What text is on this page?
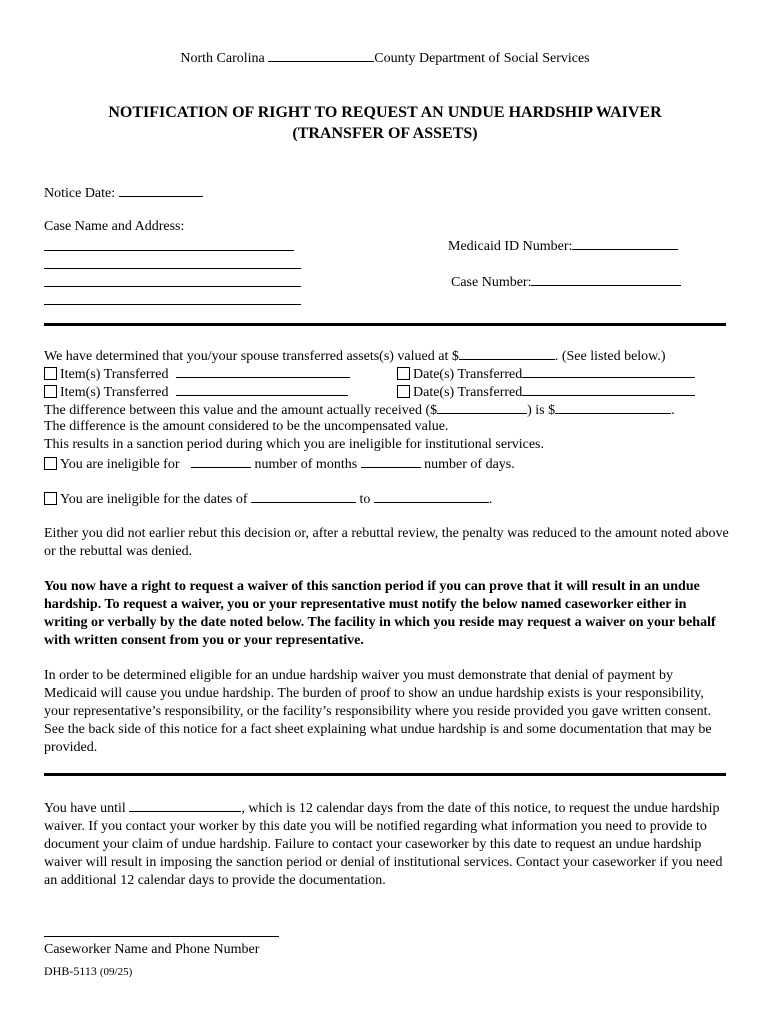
North Carolina	County Department of Social Services
NOTIFICATION OF RIGHT TO REQUEST AN UNDUE HARDSHIP WAIVER
(TRANSFER OF ASSETS)
Notice Date:
Case Name and Address:
Medicaid ID Number:
Case Number:
We have determined that you/your spouse transferred assets(s) valued at $	. (See listed below.)
Item(s) Transferred	Date(s) Transferred
Item(s) Transferred	Date(s) Transferred
The difference between this value and the amount actually received ($	) is $	.
The difference is the amount considered to be the uncompensated value.
This results in a sanction period during which you are ineligible for institutional services.
You are ineligible for	number of months	number of days.
You are ineligible for the dates of	to	.
Either you did not earlier rebut this decision or, after a rebuttal review, the penalty was reduced to the amount noted above or the rebuttal was denied.
You now have a right to request a waiver of this sanction period if you can prove that it will result in an undue hardship. To request a waiver, you or your representative must notify the below named caseworker either in writing or verbally by the date noted below. The facility in which you reside may request a waiver on your behalf with written consent from you or your representative.
In order to be determined eligible for an undue hardship waiver you must demonstrate that denial of payment by Medicaid will cause you undue hardship. The burden of proof to show an undue hardship exists is your responsibility, your representative’s responsibility, or the facility’s responsibility where you reside provided you gave written consent. See the back side of this notice for a fact sheet explaining what undue hardship is and some documentation that may be provided.
You have until	, which is 12 calendar days from the date of this notice, to request the undue hardship waiver. If you contact your worker by this date you will be notified regarding what information you need to provide to document your claim of undue hardship. Failure to contact your caseworker by this date to request an undue hardship waiver will result in imposing the sanction period or denial of institutional services. Contact your caseworker if you need an additional 12 calendar days to provide the documentation.
Caseworker Name and Phone Number
DHB-5113 (09/25)
